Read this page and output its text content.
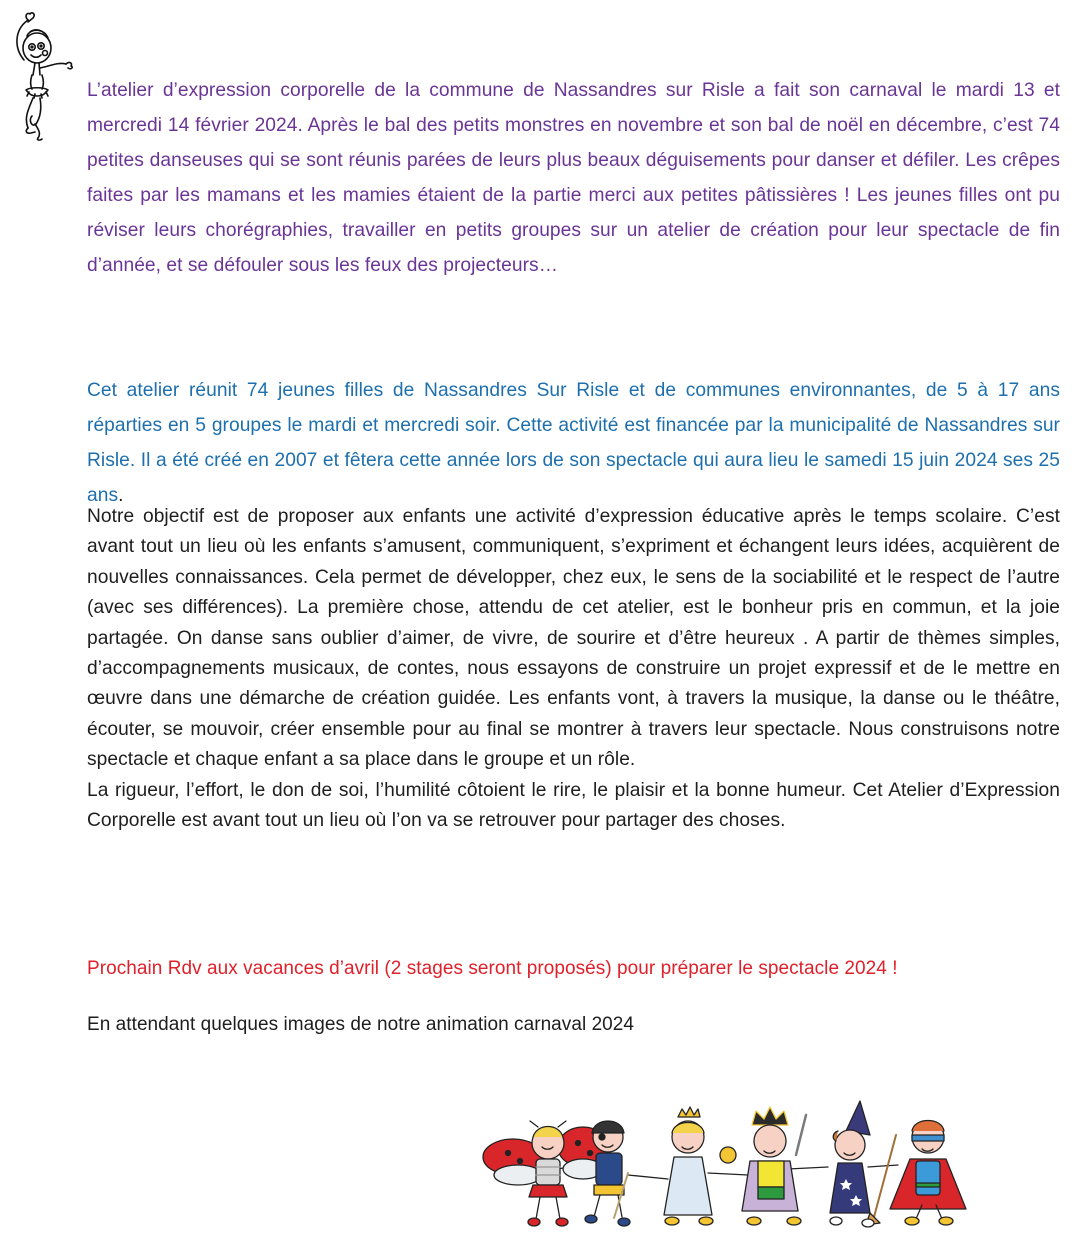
L’atelier d’expression corporelle de la commune de Nassandres sur Risle a fait son carnaval le mardi 13 et mercredi 14 février 2024. Après le bal des petits monstres en novembre et son bal de noël en décembre, c’est 74 petites danseuses qui se sont réunis parées de leurs plus beaux déguisements pour danser et défiler. Les crêpes faites par les mamans et les mamies étaient de la partie merci aux petites pâtissières ! Les jeunes filles ont pu réviser leurs chorégraphies, travailler en petits groupes sur un atelier de création pour leur spectacle de fin d’année, et se défouler sous les feux des projecteurs…

Cet atelier réunit 74 jeunes filles de Nassandres Sur Risle et de communes environnantes, de 5 à 17 ans réparties en 5 groupes le mardi et mercredi soir. Cette activité est financée par la municipalité de Nassandres sur Risle. Il a été créé en 2007 et fêtera cette année lors de son spectacle qui aura lieu le samedi 15 juin 2024 ses 25 ans.

Notre objectif est de proposer aux enfants une activité d’expression éducative après le temps scolaire. C’est avant tout un lieu où les enfants s’amusent, communiquent, s’expriment et échangent leurs idées, acquièrent de nouvelles connaissances. Cela permet de développer, chez eux, le sens de la sociabilité et le respect de l’autre (avec ses différences). La première chose, attendu de cet atelier, est le bonheur pris en commun, et la joie partagée. On danse sans oublier d’aimer, de vivre, de sourire et d’être heureux . A partir de thèmes simples, d’accompagnements musicaux, de contes, nous essayons de construire un projet expressif et de le mettre en œuvre dans une démarche de création guidée. Les enfants vont, à travers la musique, la danse ou le théâtre, écouter, se mouvoir, créer ensemble pour au final se montrer à travers leur spectacle. Nous construisons notre spectacle et chaque enfant a sa place dans le groupe et un rôle.
La rigueur, l’effort, le don de soi, l’humilité côtoient le rire, le plaisir et la bonne humeur. Cet Atelier d’Expression Corporelle est avant tout un lieu où l’on va se retrouver pour partager des choses.

Prochain Rdv aux vacances d’avril (2 stages seront proposés) pour préparer le spectacle 2024 !

En attendant quelques images de notre animation carnaval 2024
